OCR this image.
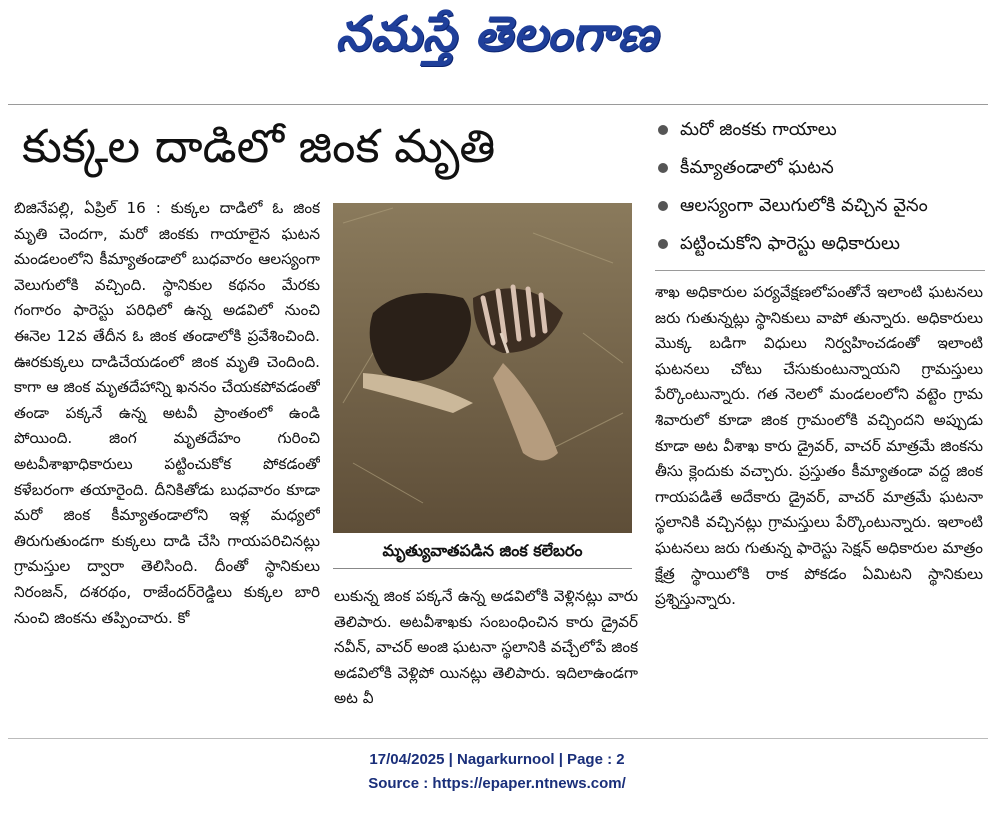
నమస్తే తెలంగాణ
కుక్కల దాడిలో జింక మృతి	మరో జింకకు గాయాలు
కీమ్యాతండాలో ఘటన
ఆలస్యంగా వెలుగులోకి వచ్చిన వైనం
పట్టించుకోని ఫారెస్టు అధికారులు
బిజినేపల్లి, ఏప్రిల్ 16 : కుక్కల దాడిలో ఓ జింక మృతి చెందగా, మరో జింకకు గాయాలైన ఘటన మండలంలోని కీమ్యాతండాలో బుధవారం ఆలస్యంగా వెలుగులోకి వచ్చింది. స్థానికుల కథనం మేరకు గంగారం ఫారెస్టు పరిధిలో ఉన్న అడవిలో నుంచి ఈనెల 12వ తేదీన ఓ జింక తండాలోకి ప్రవేశించింది. ఊరకుక్కలు దాడిచేయడంలో జింక మృతి చెందింది. కాగా ఆ జింక మృతదేహాన్ని ఖననం చేయకపోవడంతో తండా పక్కనే ఉన్న అటవీ ప్రాంతంలో ఉండి పోయింది. జింగ మృతదేహం గురించి అటవీశాఖాధికారులు పట్టించుకోక పోకడంతో కళేబరంగా తయారైంది. దీనికితోడు బుధవారం కూడా మరో జింక కీమ్యాతండాలోని ఇళ్ల మధ్యలో తిరుగుతుండగా కుక్కలు దాడి చేసి గాయపరిచినట్లు గ్రామస్తుల ద్వారా తెలిసింది. దీంతో స్థానికులు నిరంజన్, దశరథం, రాజేందర్‌రెడ్డిలు కుక్కల బారి నుంచి జింకను తప్పించారు. కో
మృత్యువాతపడిన జింక కలేబరం
లుకున్న జింక పక్కనే ఉన్న అడవిలోకి వెళ్లినట్లు వారు తెలిపారు. అటవీశాఖకు సంబంధించిన కారు డ్రైవర్ నవీన్, వాచర్ అంజి ఘటనా స్థలానికి వచ్చేలోపే జింక అడవిలోకి వెళ్లిపో యినట్లు తెలిపారు. ఇదిలాఉండగా అట వీ
శాఖ అధికారుల పర్యవేక్షణలోపంతోనే ఇలాంటి ఘటనలు జరు గుతున్నట్లు స్థానికులు వాపో తున్నారు. అధికారులు మొక్క బడిగా విధులు నిర్వహించడంతో ఇలాంటి ఘటనలు చోటు చేసుకుంటున్నాయని గ్రామస్తులు పేర్కొంటున్నారు. గత నెలలో మండలంలోని వట్టెం గ్రామ శివారులో కూడా జింక గ్రామంలోకి వచ్చిందని అప్పుడు కూడా అట వీశాఖ కారు డ్రైవర్, వాచర్ మాత్రమే జింకను తీసు క్లెందుకు వచ్చారు. ప్రస్తుతం కీమ్యాతండా వద్ద జింక గాయపడితే అదేకారు డ్రైవర్, వాచర్ మాత్రమే ఘటనా స్థలానికి వచ్చినట్లు గ్రామస్తులు పేర్కొంటున్నారు. ఇలాంటి ఘటనలు జరు గుతున్న ఫారెస్టు సెక్షన్ అధికారుల మాత్రం క్షేత్ర స్థాయిలోకి రాక పోకడం ఏమిటని స్థానికులు ప్రశ్నిస్తున్నారు.
17/04/2025 | Nagarkurnool | Page : 2
Source : https://epaper.ntnews.com/
